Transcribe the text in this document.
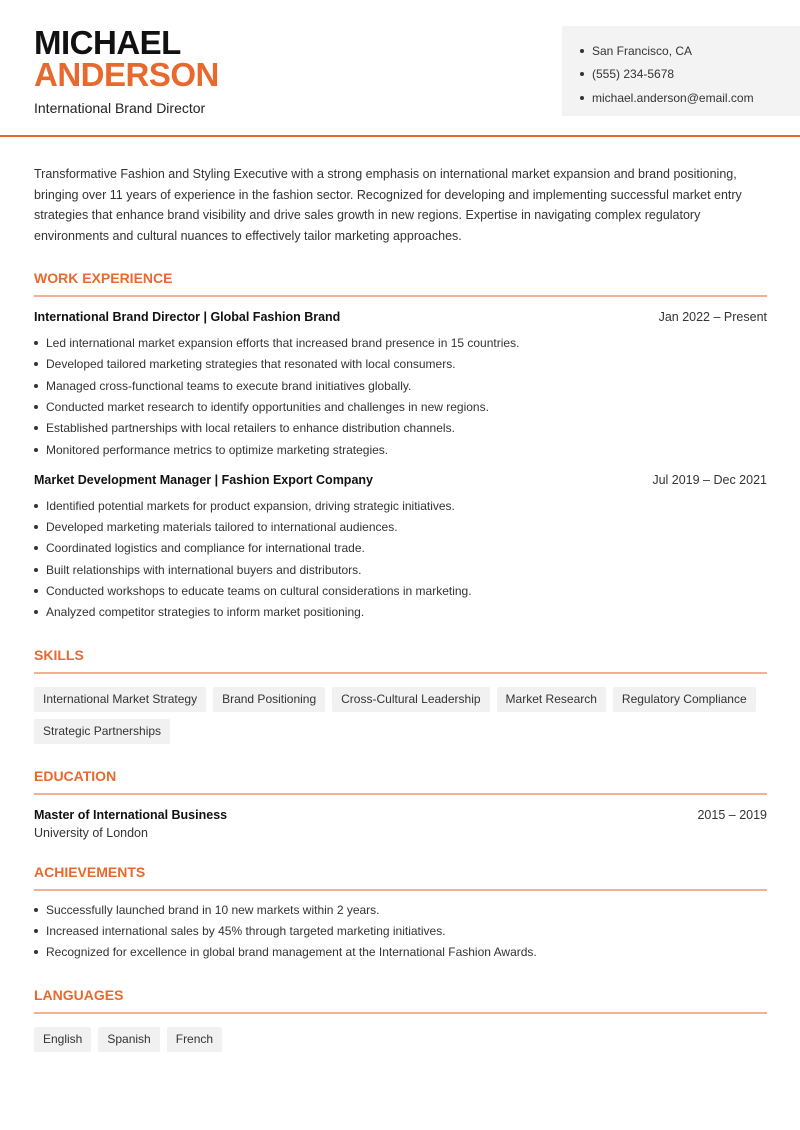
MICHAEL
ANDERSON
International Brand Director
San Francisco, CA
(555) 234-5678
michael.anderson@email.com

Transformative Fashion and Styling Executive with a strong emphasis on international market expansion and brand positioning, bringing over 11 years of experience in the fashion sector. Recognized for developing and implementing successful market entry strategies that enhance brand visibility and drive sales growth in new regions. Expertise in navigating complex regulatory environments and cultural nuances to effectively tailor marketing approaches.

WORK EXPERIENCE
International Brand Director | Global Fashion Brand	Jan 2022 – Present
Led international market expansion efforts that increased brand presence in 15 countries.
Developed tailored marketing strategies that resonated with local consumers.
Managed cross-functional teams to execute brand initiatives globally.
Conducted market research to identify opportunities and challenges in new regions.
Established partnerships with local retailers to enhance distribution channels.
Monitored performance metrics to optimize marketing strategies.
Market Development Manager | Fashion Export Company	Jul 2019 – Dec 2021
Identified potential markets for product expansion, driving strategic initiatives.
Developed marketing materials tailored to international audiences.
Coordinated logistics and compliance for international trade.
Built relationships with international buyers and distributors.
Conducted workshops to educate teams on cultural considerations in marketing.
Analyzed competitor strategies to inform market positioning.
SKILLS
International Market Strategy	Brand Positioning	Cross-Cultural Leadership	Market Research	Regulatory Compliance
Strategic Partnerships
EDUCATION
Master of International Business	2015 – 2019
University of London
ACHIEVEMENTS
Successfully launched brand in 10 new markets within 2 years.
Increased international sales by 45% through targeted marketing initiatives.
Recognized for excellence in global brand management at the International Fashion Awards.
LANGUAGES
English	Spanish	French
